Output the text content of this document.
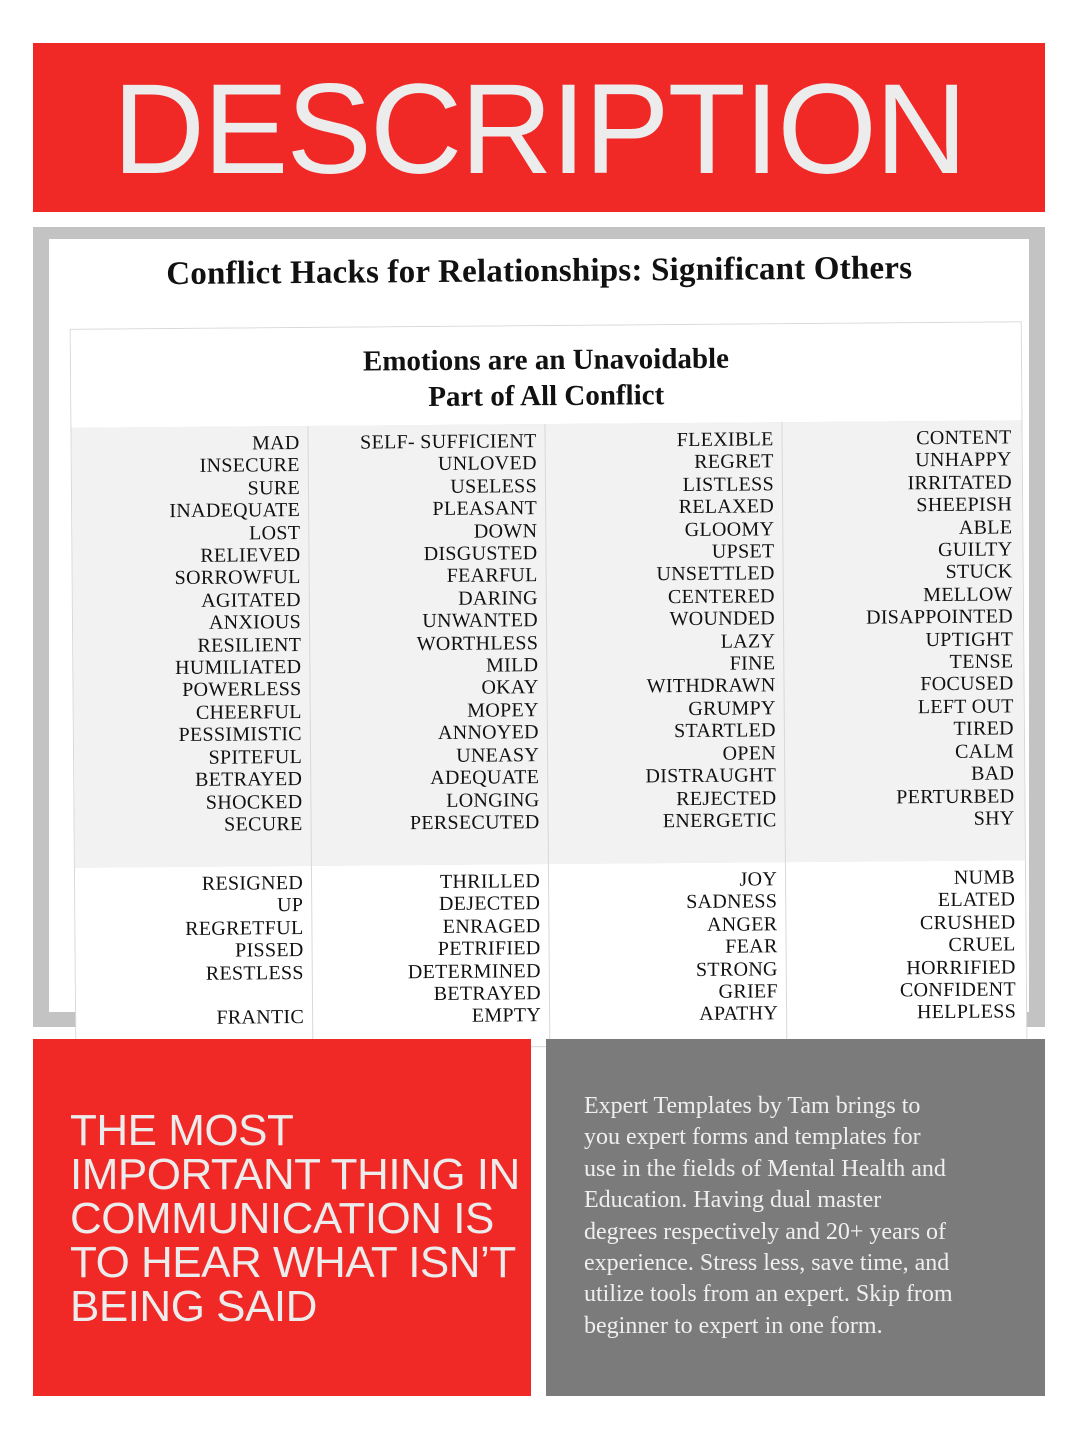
DESCRIPTION
Conflict Hacks for Relationships: Significant Others
Emotions are an Unavoidable
Part of All Conflict
MAD
INSECURE
SURE
INADEQUATE
LOST
RELIEVED
SORROWFUL
AGITATED
ANXIOUS
RESILIENT
HUMILIATED
POWERLESS
CHEERFUL
PESSIMISTIC
SPITEFUL
BETRAYED
SHOCKED
SECURE
SELF- SUFFICIENT
UNLOVED
USELESS
PLEASANT
DOWN
DISGUSTED
FEARFUL
DARING
UNWANTED
WORTHLESS
MILD
OKAY
MOPEY
ANNOYED
UNEASY
ADEQUATE
LONGING
PERSECUTED
FLEXIBLE
REGRET
LISTLESS
RELAXED
GLOOMY
UPSET
UNSETTLED
CENTERED
WOUNDED
LAZY
FINE
WITHDRAWN
GRUMPY
STARTLED
OPEN
DISTRAUGHT
REJECTED
ENERGETIC
CONTENT
UNHAPPY
IRRITATED
SHEEPISH
ABLE
GUILTY
STUCK
MELLOW
DISAPPOINTED
UPTIGHT
TENSE
FOCUSED
LEFT OUT
TIRED
CALM
BAD
PERTURBED
SHY
RESIGNED
UP
REGRETFUL
PISSED
RESTLESS

FRANTIC
THRILLED
DEJECTED
ENRAGED
PETRIFIED
DETERMINED
BETRAYED
EMPTY
JOY
SADNESS
ANGER
FEAR
STRONG
GRIEF
APATHY
NUMB
ELATED
CRUSHED
CRUEL
HORRIFIED
CONFIDENT
HELPLESS
THE MOST
IMPORTANT THING IN
COMMUNICATION IS
TO HEAR WHAT ISN’T
BEING SAID
Expert Templates by Tam brings to
you expert forms and templates for
use in the fields of Mental Health and
Education. Having dual master
degrees respectively and 20+ years of
experience. Stress less, save time, and
utilize tools from an expert. Skip from
beginner to expert in one form.
